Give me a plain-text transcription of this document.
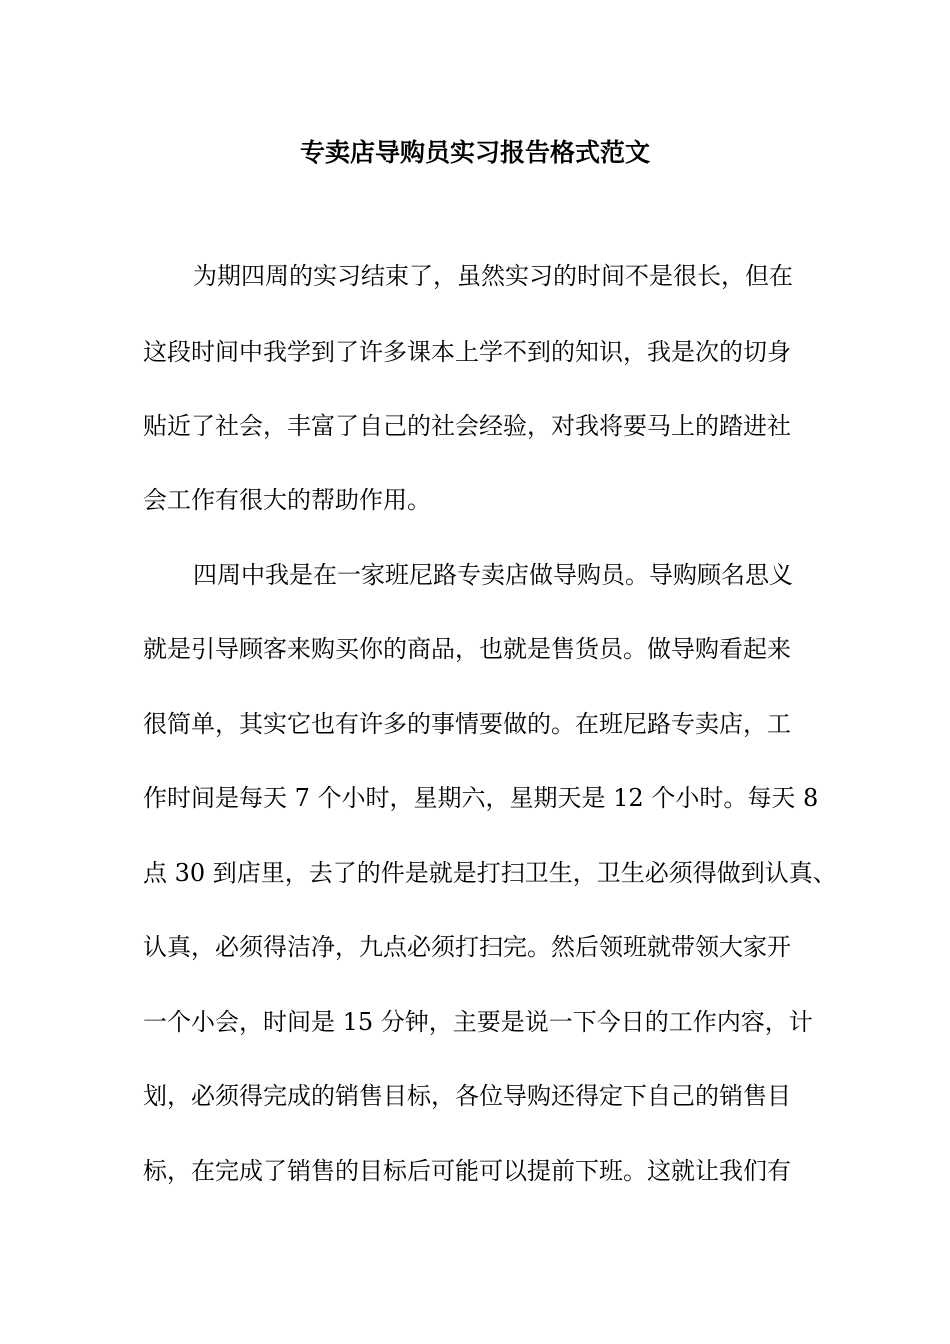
专卖店导购员实习报告格式范文
为期四周的实习结束了，虽然实习的时间不是很长，但在
这段时间中我学到了许多课本上学不到的知识，我是次的切身
贴近了社会，丰富了自己的社会经验，对我将要马上的踏进社
会工作有很大的帮助作用。
四周中我是在一家班尼路专卖店做导购员。导购顾名思义
就是引导顾客来购买你的商品，也就是售货员。做导购看起来
很简单，其实它也有许多的事情要做的。在班尼路专卖店，工
作时间是每天 7 个小时，星期六，星期天是 12 个小时。每天 8
点 30 到店里，去了的件是就是打扫卫生，卫生必须得做到认真、
认真，必须得洁净，九点必须打扫完。然后领班就带领大家开
一个小会，时间是 15 分钟，主要是说一下今日的工作内容，计
划，必须得完成的销售目标，各位导购还得定下自己的销售目
标，在完成了销售的目标后可能可以提前下班。这就让我们有
